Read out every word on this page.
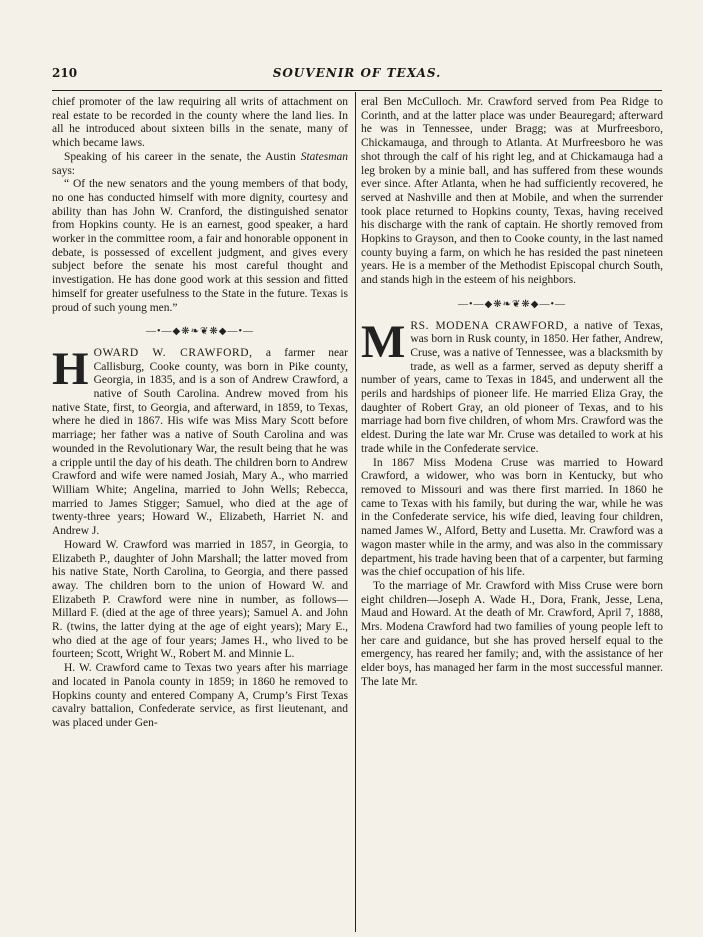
210	SOUVENIR OF TEXAS.

chief promoter of the law requiring all writs of attachment on real estate to be recorded in the county where the land lies. In all he introduced about sixteen bills in the senate, many of which became laws.

Speaking of his career in the senate, the Austin Statesman says:

“ Of the new senators and the young members of that body, no one has conducted himself with more dignity, courtesy and ability than has John W. Cranford, the distinguished senator from Hopkins county. He is an earnest, good speaker, a hard worker in the committee room, a fair and honorable opponent in debate, is possessed of excellent judgment, and gives every subject before the senate his most careful thought and investigation. He has done good work at this session and fitted himself for greater usefulness to the State in the future. Texas is proud of such young men.”

—•—◆❋❧❦❋◆—•—

HOWARD W. CRAWFORD, a farmer near Callisburg, Cooke county, was born in Pike county, Georgia, in 1835, and is a son of Andrew Crawford, a native of South Carolina. Andrew moved from his native State, first, to Georgia, and afterward, in 1859, to Texas, where he died in 1867. His wife was Miss Mary Scott before marriage; her father was a native of South Carolina and was wounded in the Revolutionary War, the result being that he was a cripple until the day of his death. The children born to Andrew Crawford and wife were named Josiah, Mary A., who married William White; Angelina, married to John Wells; Rebecca, married to James Stigger; Samuel, who died at the age of twenty-three years; Howard W., Elizabeth, Harriet N. and Andrew J.

Howard W. Crawford was married in 1857, in Georgia, to Elizabeth P., daughter of John Marshall; the latter moved from his native State, North Carolina, to Georgia, and there passed away. The children born to the union of Howard W. and Elizabeth P. Crawford were nine in number, as follows—Millard F. (died at the age of three years); Samuel A. and John R. (twins, the latter dying at the age of eight years); Mary E., who died at the age of four years; James H., who lived to be fourteen; Scott, Wright W., Robert M. and Minnie L.

H. W. Crawford came to Texas two years after his marriage and located in Panola county in 1859; in 1860 he removed to Hopkins county and entered Company A, Crump’s First Texas cavalry battalion, Confederate service, as first lieutenant, and was placed under Gen-

eral Ben McCulloch. Mr. Crawford served from Pea Ridge to Corinth, and at the latter place was under Beauregard; afterward he was in Tennessee, under Bragg; was at Murfreesboro, Chickamauga, and through to Atlanta. At Murfreesboro he was shot through the calf of his right leg, and at Chickamauga had a leg broken by a minie ball, and has suffered from these wounds ever since. After Atlanta, when he had sufficiently recovered, he served at Nashville and then at Mobile, and when the surrender took place returned to Hopkins county, Texas, having received his discharge with the rank of captain. He shortly removed from Hopkins to Grayson, and then to Cooke county, in the last named county buying a farm, on which he has resided the past nineteen years. He is a member of the Methodist Episcopal church South, and stands high in the esteem of his neighbors.

—•—◆❋❧❦❋◆—•—

MRS. MODENA CRAWFORD, a native of Texas, was born in Rusk county, in 1850. Her father, Andrew, Cruse, was a native of Tennessee, was a blacksmith by trade, as well as a farmer, served as deputy sheriff a number of years, came to Texas in 1845, and underwent all the perils and hardships of pioneer life. He married Eliza Gray, the daughter of Robert Gray, an old pioneer of Texas, and to his marriage had born five children, of whom Mrs. Crawford was the eldest. During the late war Mr. Cruse was detailed to work at his trade while in the Confederate service.

In 1867 Miss Modena Cruse was married to Howard Crawford, a widower, who was born in Kentucky, but who removed to Missouri and was there first married. In 1860 he came to Texas with his family, but during the war, while he was in the Confederate service, his wife died, leaving four children, named James W., Alford, Betty and Lusetta. Mr. Crawford was a wagon master while in the army, and was also in the commissary department, his trade having been that of a carpenter, but farming was the chief occupation of his life.

To the marriage of Mr. Crawford with Miss Cruse were born eight children—Joseph A. Wade H., Dora, Frank, Jesse, Lena, Maud and Howard. At the death of Mr. Crawford, April 7, 1888, Mrs. Modena Crawford had two families of young people left to her care and guidance, but she has proved herself equal to the emergency, has reared her family; and, with the assistance of her elder boys, has managed her farm in the most successful manner. The late Mr.
